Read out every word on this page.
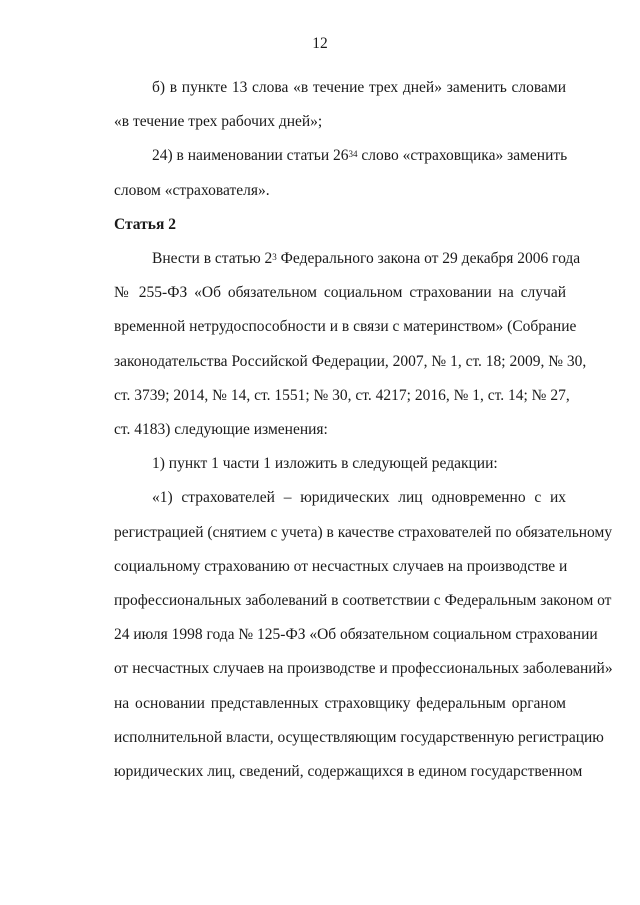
12
б) в пункте 13 слова «в течение трех дней» заменить словами
«в течение трех рабочих дней»;
24) в наименовании статьи $26^{34}$ слово «страховщика» заменить
словом «страхователя».
Статья 2
Внести в статью $2^3$ Федерального закона от 29 декабря 2006 года
№ 255-ФЗ «Об обязательном социальном страховании на случай
временной нетрудоспособности и в связи с материнством» (Собрание
законодательства Российской Федерации, 2007, № 1, ст. 18; 2009, № 30,
ст. 3739; 2014, № 14, ст. 1551; № 30, ст. 4217; 2016, № 1, ст. 14; № 27,
ст. 4183) следующие изменения:
1) пункт 1 части 1 изложить в следующей редакции:
«1) страхователей – юридических лиц одновременно с их
регистрацией (снятием с учета) в качестве страхователей по обязательному
социальному страхованию от несчастных случаев на производстве и
профессиональных заболеваний в соответствии с Федеральным законом от
24 июля 1998 года № 125-ФЗ «Об обязательном социальном страховании
от несчастных случаев на производстве и профессиональных заболеваний»
на основании представленных страховщику федеральным органом
исполнительной власти, осуществляющим государственную регистрацию
юридических лиц, сведений, содержащихся в едином государственном
